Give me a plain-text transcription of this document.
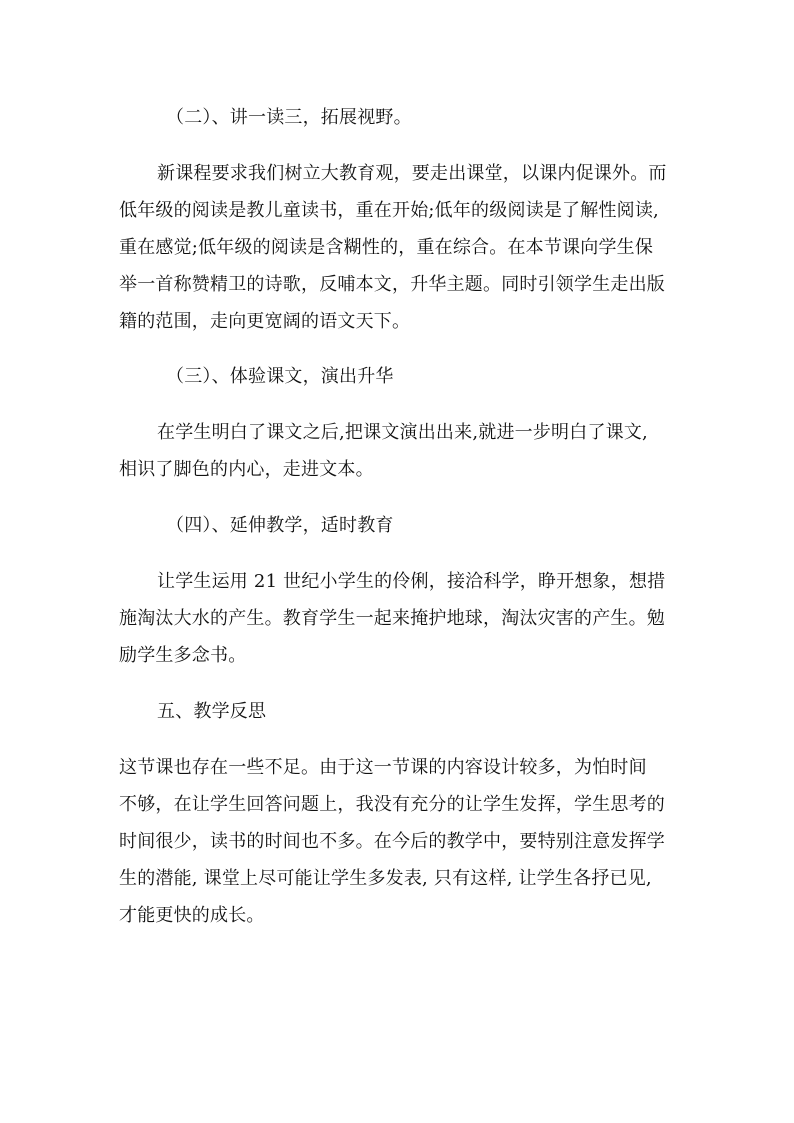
（二）、讲一读三，拓展视野。
新课程要求我们树立大教育观，要走出课堂，以课内促课外。而
低年级的阅读是教儿童读书，重在开始;低年的级阅读是了解性阅读,
重在感觉;低年级的阅读是含糊性的，重在综合。在本节课向学生保
举一首称赞精卫的诗歌，反哺本文，升华主题。同时引领学生走出版
籍的范围，走向更宽阔的语文天下。
（三）、体验课文，演出升华
在学生明白了课文之后,把课文演出出来,就进一步明白了课文,
相识了脚色的内心，走进文本。
（四）、延伸教学，适时教育
让学生运用 21 世纪小学生的伶俐，接洽科学，睁开想象，想措
施淘汰大水的产生。教育学生一起来掩护地球，淘汰灾害的产生。勉
励学生多念书。
五、教学反思
这节课也存在一些不足。由于这一节课的内容设计较多，为怕时间
不够，在让学生回答问题上，我没有充分的让学生发挥，学生思考的
时间很少，读书的时间也不多。在今后的教学中，要特别注意发挥学
生的潜能, 课堂上尽可能让学生多发表, 只有这样, 让学生各抒已见,
才能更快的成长。
